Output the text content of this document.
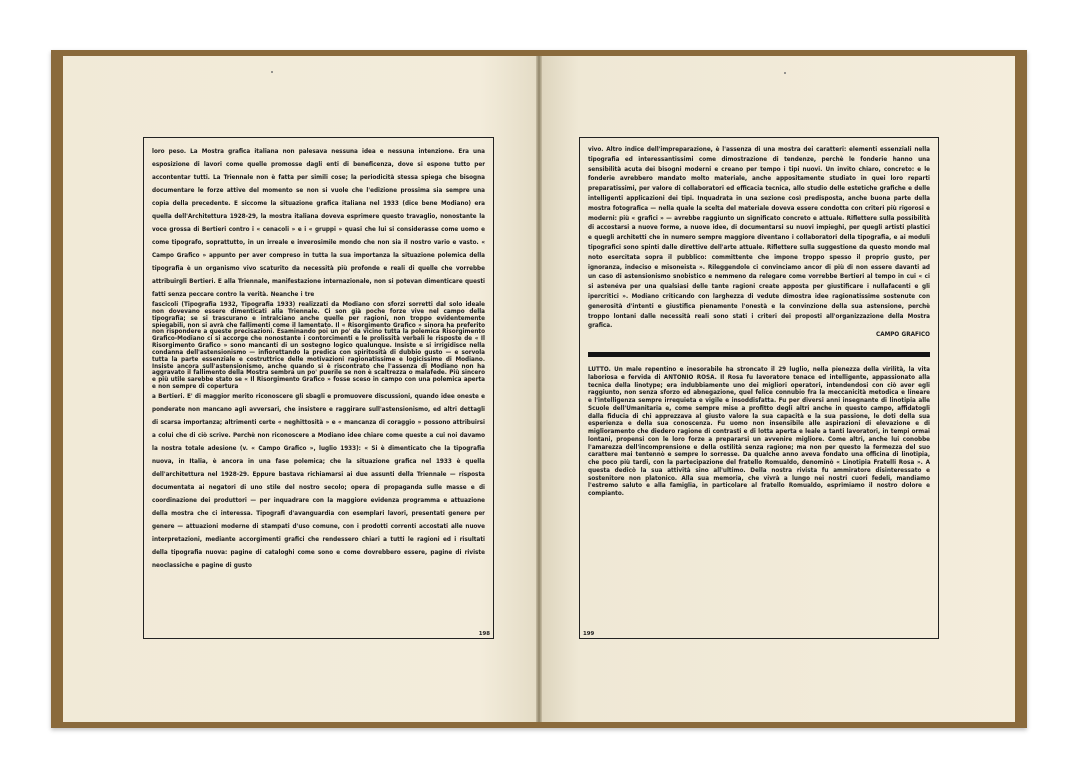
loro peso. La Mostra grafica italiana non palesava nessuna idea e nessuna intenzione. Era una esposizione di lavori come quelle promosse dagli enti di beneficenza, dove si espone tutto per accontentar tutti. La Triennale non è fatta per simili cose; la periodicità stessa spiega che bisogna documentare le forze attive del momento se non si vuole che l'edizione prossima sia sempre una copia della precedente. E siccome la situazione grafica italiana nel 1933 (dice bene Modiano) era quella dell'Architettura 1928-29, la mostra italiana doveva esprimere questo travaglio, nonostante la voce grossa di Bertieri contro i « cenacoli » e i « gruppi » quasi che lui si considerasse come uomo e come tipografo, soprattutto, in un irreale e inverosimile mondo che non sia il nostro vario e vasto. « Campo Grafico » appunto per aver compreso in tutta la sua importanza la situazione polemica della tipografia è un organismo vivo scaturito da necessità più profonde e reali di quelle che vorrebbe attribuirgli Bertieri. E alla Triennale, manifestazione internazionale, non si potevan dimenticare questi fatti senza peccare contro la verità. Neanche i tre

fascicoli (Tipografia 1932, Tipografia 1933) realizzati da Modiano con sforzi sorretti dal solo ideale non dovevano essere dimenticati alla Triennale. Ci son già poche forze vive nel campo della tipografia; se si trascurano e intralciano anche quelle per ragioni, non troppo evidentemente spiegabili, non si avrà che fallimenti come il lamentato. Il « Risorgimento Grafico » sinora ha preferito non rispondere a queste precisazioni. Esaminando poi un po' da vicino tutta la polemica Risorgimento Grafico-Modiano ci si accorge che nonostante i contorcimenti e le prolissità verbali le risposte de « Il Risorgimento Grafico » sono mancanti di un sostegno logico qualunque. Insiste e si irrigidisce nella condanna dell'astensionismo — infiorettando la predica con spiritosità di dubbio gusto — e sorvola tutta la parte essenziale e costruttrice delle motivazioni ragionatissime e logicissime di Modiano. Insiste ancora sull'astensionismo, anche quando si è riscontrato che l'assenza di Modiano non ha aggravato il fallimento della Mostra sembra un po' puerile se non è scaltrezza o malafede. Più sincero e più utile sarebbe stato se « Il Risorgimento Grafico » fosse sceso in campo con una polemica aperta e non sempre di copertura

a Bertieri. E' di maggior merito riconoscere gli sbagli e promuovere discussioni, quando idee oneste e ponderate non mancano agli avversari, che insistere e raggirare sull'astensionismo, ed altri dettagli di scarsa importanza; altrimenti certe « neghittosità » e « mancanza di coraggio » possono attribuirsi a colui che di ciò scrive. Perchè non riconoscere a Modiano idee chiare come queste a cui noi davamo la nostra totale adesione (v. « Campo Grafico », luglio 1933): « Si è dimenticato che la tipografia nuova, in Italia, è ancora in una fase polemica; che la situazione grafica nel 1933 è quella dell'architettura nel 1928-29. Eppure bastava richiamarsi ai due assunti della Triennale — risposta documentata ai negatori di uno stile del nostro secolo; opera di propaganda sulle masse e di coordinazione dei produttori — per inquadrare con la maggiore evidenza programma e attuazione della mostra che ci interessa. Tipografi d'avanguardia con esemplari lavori, presentati genere per genere — attuazioni moderne di stampati d'uso comune, con i prodotti correnti accostati alle nuove interpretazioni, mediante accorgimenti grafici che rendessero chiari a tutti le ragioni ed i risultati della tipografia nuova: pagine di cataloghi come sono e come dovrebbero essere, pagine di riviste neoclassiche e pagine di gusto

198

vivo. Altro indice dell'impreparazione, è l'assenza di una mostra dei caratteri: elementi essenziali nella tipografia ed interessantissimi come dimostrazione di tendenze, perchè le fonderie hanno una sensibilità acuta dei bisogni moderni e creano per tempo i tipi nuovi. Un invito chiaro, concreto: e le fonderie avrebbero mandato molto materiale, anche appositamente studiato in quei loro reparti preparatissimi, per valore di collaboratori ed efficacia tecnica, allo studio delle estetiche grafiche e delle intelligenti applicazioni dei tipi. Inquadrata in una sezione così predisposta, anche buona parte della mostra fotografica — nella quale la scelta del materiale doveva essere condotta con criteri più rigorosi e moderni: più « grafici » — avrebbe raggiunto un significato concreto e attuale. Riflettere sulla possibilità di accostarsi a nuove forme, a nuove idee, di documentarsi su nuovi impieghi, per quegli artisti plastici e quegli architetti che in numero sempre maggiore diventano i collaboratori della tipografia, e ai moduli tipografici sono spinti dalle direttive dell'arte attuale. Riflettere sulla suggestione da questo mondo mal noto esercitata sopra il pubblico: committente che impone troppo spesso il proprio gusto, per ignoranza, indeciso e misoneista ». Rileggendole ci convinciamo ancor di più di non essere davanti ad un caso di astensionismo snobistico e nemmeno da relegare come vorrebbe Bertieri al tempo in cui « ci si astenéva per una qualsiasi delle tante ragioni create apposta per giustificare i nullafacenti e gli ipercritici ». Modiano criticando con larghezza di vedute dimostra idee ragionatissime sostenute con generosità d'intenti e giustifica pienamente l'onestà e la convinzione della sua astensione, perchè troppo lontani dalle necessità reali sono stati i criteri dei proposti all'organizzazione della Mostra grafica.

CAMPO GRAFICO

LUTTO. Un male repentino e inesorabile ha stroncato il 29 luglio, nella pienezza della virilità, la vita laboriosa e fervida di ANTONIO ROSA. Il Rosa fu lavoratore tenace ed intelligente, appassionato alla tecnica della linotype; era indubbiamente uno dei migliori operatori, intendendosi con ciò aver egli raggiunto, non senza sforzo ed abnegazione, quel felice connubio fra la meccanicità metodica e lineare e l'intelligenza sempre irrequieta e vigile e insoddisfatta. Fu per diversi anni insegnante di linotipia alle Scuole dell'Umanitaria e, come sempre mise a profitto degli altri anche in questo campo, affidatogli dalla fiducia di chi apprezzava al giusto valore la sua capacità e la sua passione, le doti della sua esperienza e della sua conoscenza. Fu uomo non insensibile alle aspirazioni di elevazione e di miglioramento che diedero ragione di contrasti e di lotta aperta e leale a tanti lavoratori, in tempi ormai lontani, propensi con le loro forze a prepararsi un avvenire migliore. Come altri, anche lui conobbe l'amarezza dell'incomprensione e della ostilità senza ragione; ma non per questo la fermezza del suo carattere mai tentennò e sempre lo sorresse. Da qualche anno aveva fondato una officina di linotipia, che poco più tardi, con la partecipazione del fratello Romualdo, denominò « Linotipia Fratelli Rosa ». A questa dedicò la sua attività sino all'ultimo. Della nostra rivista fu ammiratore disinteressato e sostenitore non platonico. Alla sua memoria, che vivrà a lungo nei nostri cuori fedeli, mandiamo l'estremo saluto e alla famiglia, in particolare al fratello Romualdo, esprimiamo il nostro dolore e compianto.

199
